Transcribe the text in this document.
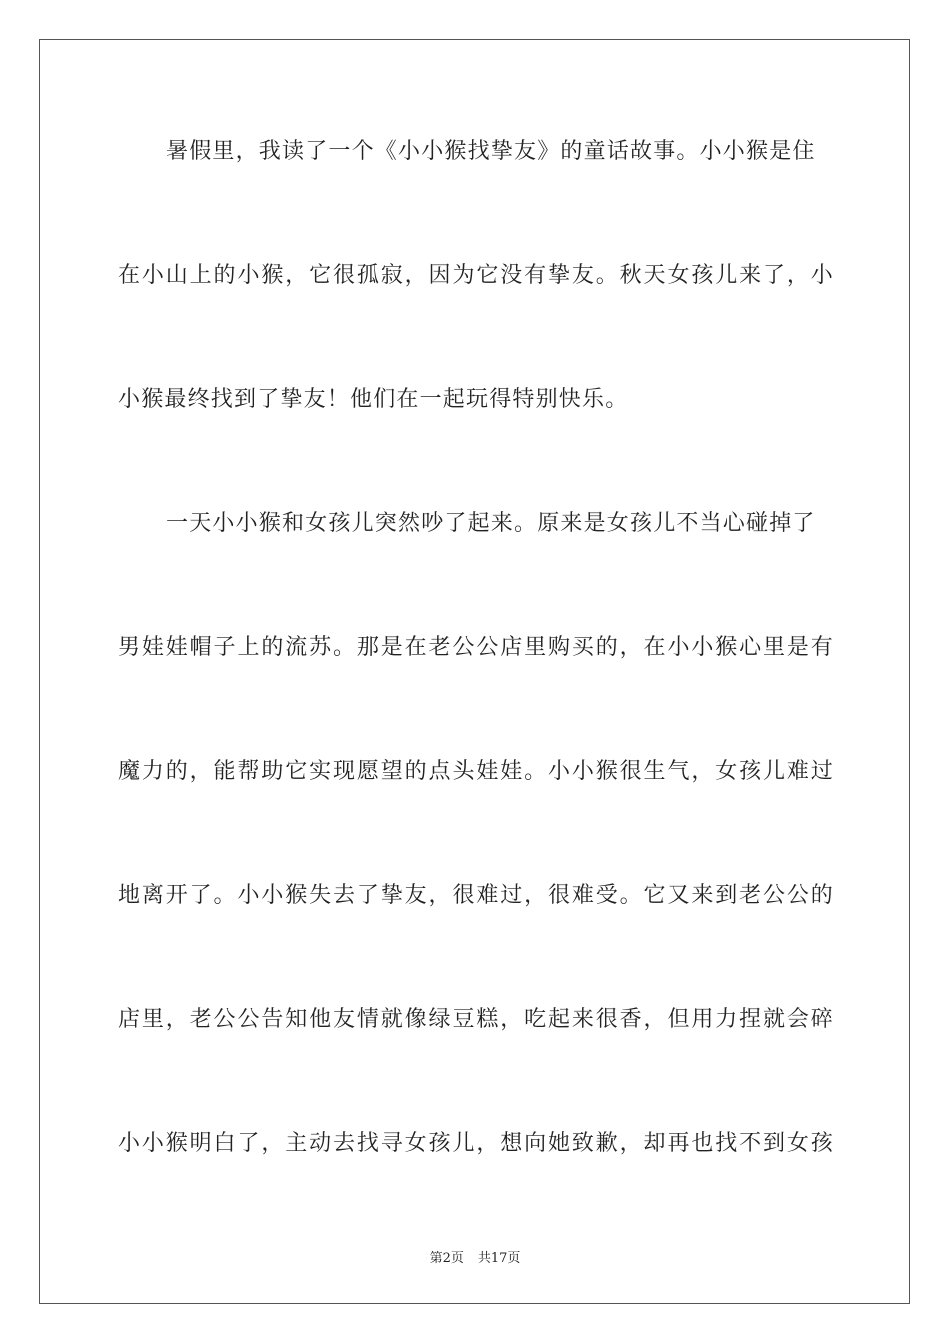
暑假里，我读了一个《小小猴找挚友》的童话故事。小小猴是住
在小山上的小猴，它很孤寂，因为它没有挚友。秋天女孩儿来了，小
小猴最终找到了挚友！他们在一起玩得特别快乐。
一天小小猴和女孩儿突然吵了起来。原来是女孩儿不当心碰掉了
男娃娃帽子上的流苏。那是在老公公店里购买的，在小小猴心里是有
魔力的，能帮助它实现愿望的点头娃娃。小小猴很生气，女孩儿难过
地离开了。小小猴失去了挚友，很难过，很难受。它又来到老公公的
店里，老公公告知他友情就像绿豆糕，吃起来很香，但用力捏就会碎
小小猴明白了，主动去找寻女孩儿，想向她致歉，却再也找不到女孩
第2页 共17页
